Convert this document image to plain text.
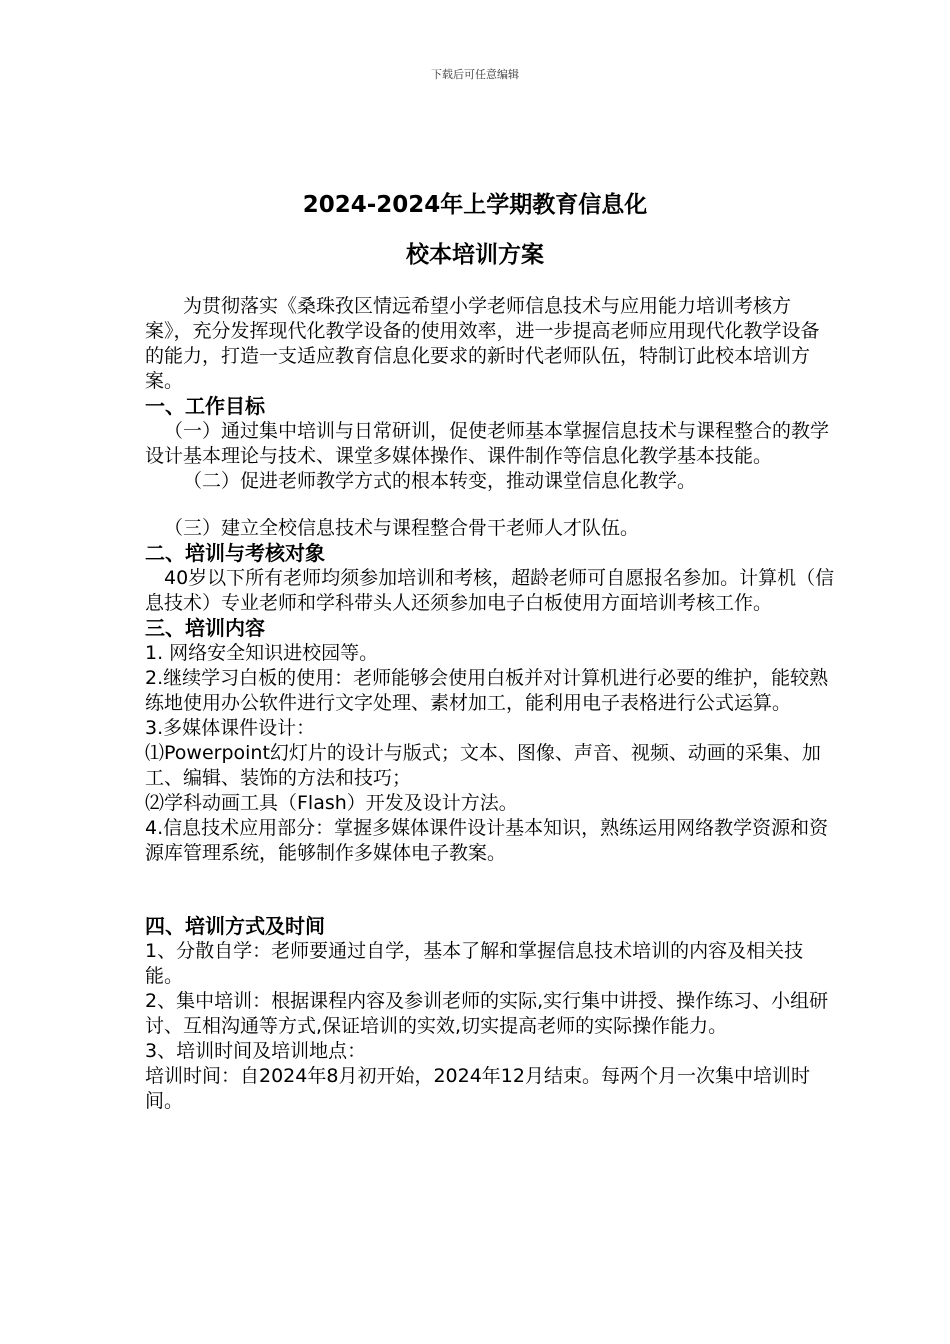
下载后可任意编辑
2024-2024年上学期教育信息化
校本培训方案

为贯彻落实《桑珠孜区情远希望小学老师信息技术与应用能力培训考核方案》，充分发挥现代化教学设备的使用效率，进一步提高老师应用现代化教学设备的能力，打造一支适应教育信息化要求的新时代老师队伍，特制订此校本培训方案。

一、工作目标

（一）通过集中培训与日常研训，促使老师基本掌握信息技术与课程整合的教学设计基本理论与技术、课堂多媒体操作、课件制作等信息化教学基本技能。

（二）促进老师教学方式的根本转变，推动课堂信息化教学。

（三）建立全校信息技术与课程整合骨干老师人才队伍。

二、培训与考核对象

40岁以下所有老师均须参加培训和考核，超龄老师可自愿报名参加。计算机（信息技术）专业老师和学科带头人还须参加电子白板使用方面培训考核工作。

三、培训内容

1. 网络安全知识进校园等。

2.继续学习白板的使用：老师能够会使用白板并对计算机进行必要的维护，能较熟练地使用办公软件进行文字处理、素材加工，能利用电子表格进行公式运算。

3.多媒体课件设计：

⑴Powerpoint幻灯片的设计与版式；文本、图像、声音、视频、动画的采集、加工、编辑、装饰的方法和技巧；

⑵学科动画工具（Flash）开发及设计方法。

4.信息技术应用部分：掌握多媒体课件设计基本知识，熟练运用网络教学资源和资源库管理系统，能够制作多媒体电子教案。

四、培训方式及时间

1、分散自学：老师要通过自学，基本了解和掌握信息技术培训的内容及相关技能。

2、集中培训：根据课程内容及参训老师的实际,实行集中讲授、操作练习、小组研讨、互相沟通等方式,保证培训的实效,切实提高老师的实际操作能力。

3、培训时间及培训地点：

培训时间：自2024年8月初开始，2024年12月结束。每两个月一次集中培训时间。
